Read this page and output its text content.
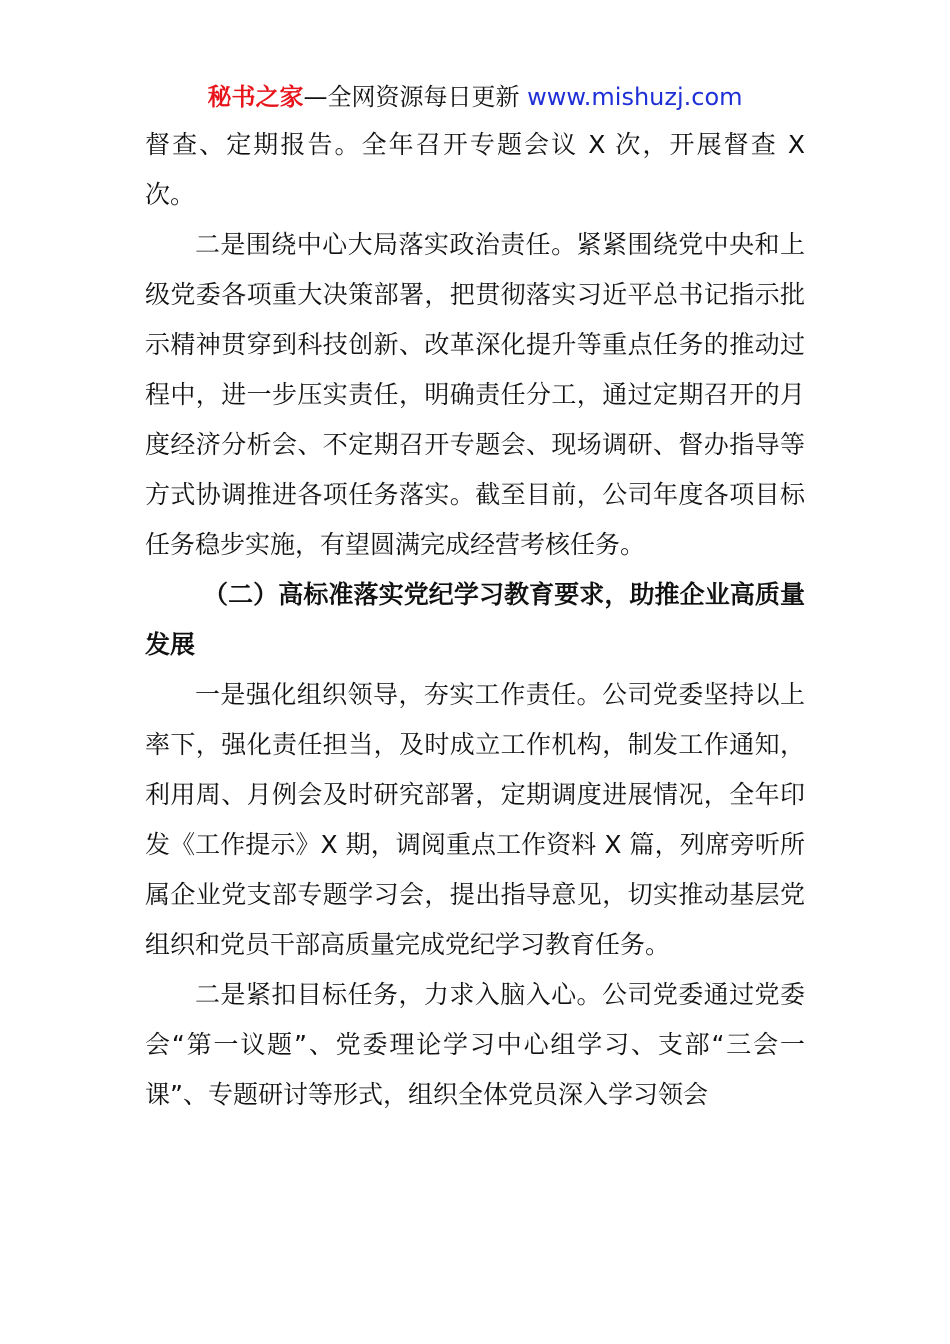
秘书之家—全网资源每日更新 www.mishuzj.com

督查、定期报告。全年召开专题会议 X 次，开展督查 X 次。

二是围绕中心大局落实政治责任。紧紧围绕党中央和上级党委各项重大决策部署，把贯彻落实习近平总书记指示批示精神贯穿到科技创新、改革深化提升等重点任务的推动过程中，进一步压实责任，明确责任分工，通过定期召开的月度经济分析会、不定期召开专题会、现场调研、督办指导等方式协调推进各项任务落实。截至目前，公司年度各项目标任务稳步实施，有望圆满完成经营考核任务。

（二）高标准落实党纪学习教育要求，助推企业高质量发展

一是强化组织领导，夯实工作责任。公司党委坚持以上率下，强化责任担当，及时成立工作机构，制发工作通知，利用周、月例会及时研究部署，定期调度进展情况，全年印发《工作提示》X 期，调阅重点工作资料 X 篇，列席旁听所属企业党支部专题学习会，提出指导意见，切实推动基层党组织和党员干部高质量完成党纪学习教育任务。

二是紧扣目标任务，力求入脑入心。公司党委通过党委会“第一议题”、党委理论学习中心组学习、支部“三会一课”、专题研讨等形式，组织全体党员深入学习领会
